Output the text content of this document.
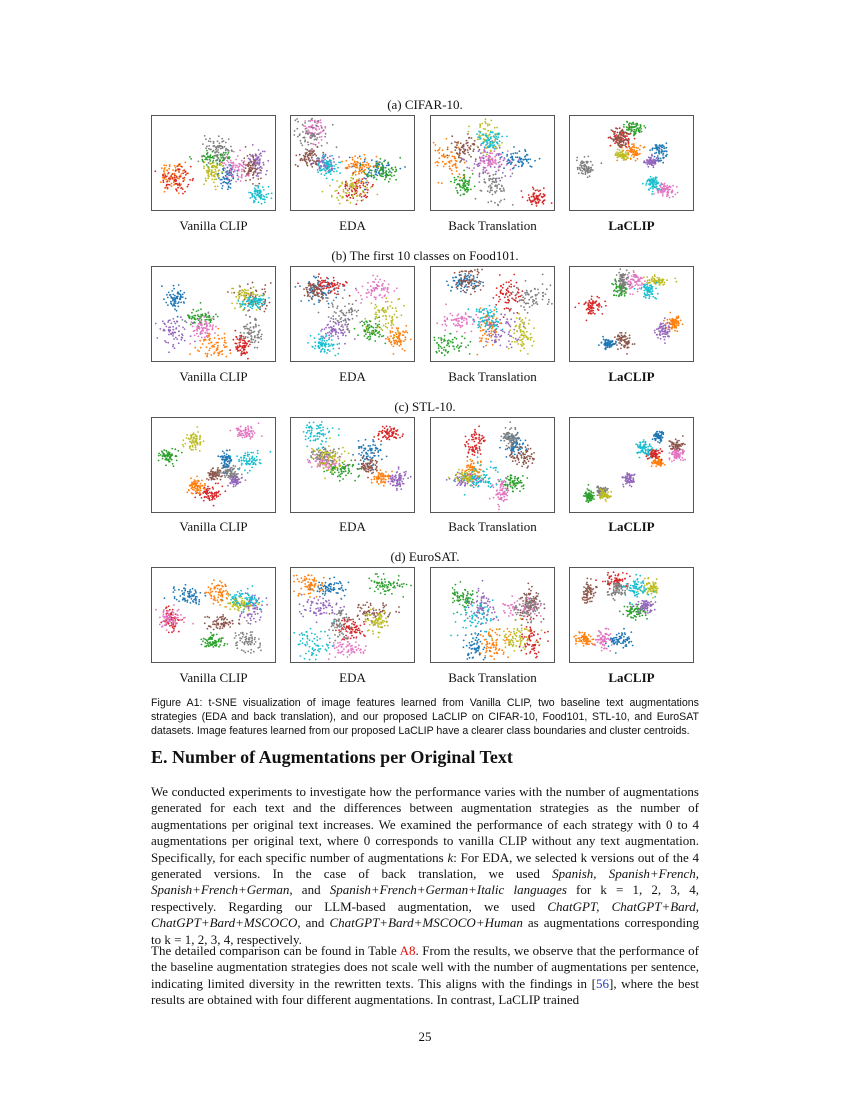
(a) CIFAR-10.
Vanilla CLIP	EDA	Back Translation	LaCLIP
(b) The first 10 classes on Food101.
Vanilla CLIP	EDA	Back Translation	LaCLIP
(c) STL-10.
Vanilla CLIP	EDA	Back Translation	LaCLIP
(d) EuroSAT.
Vanilla CLIP	EDA	Back Translation	LaCLIP
Figure A1: t-SNE visualization of image features learned from Vanilla CLIP, two baseline text augmentations strategies (EDA and back translation), and our proposed LaCLIP on CIFAR-10, Food101, STL-10, and EuroSAT datasets. Image features learned from our proposed LaCLIP have a clearer class boundaries and cluster centroids.
E. Number of Augmentations per Original Text

We conducted experiments to investigate how the performance varies with the number of augmentations generated for each text and the differences between augmentation strategies as the number of augmentations per original text increases. We examined the performance of each strategy with 0 to 4 augmentations per original text, where 0 corresponds to vanilla CLIP without any text augmentation. Specifically, for each specific number of augmentations k: For EDA, we selected k versions out of the 4 generated versions. In the case of back translation, we used Spanish, Spanish+French, Spanish+French+German, and Spanish+French+German+Italic languages for k = 1, 2, 3, 4, respectively. Regarding our LLM-based augmentation, we used ChatGPT, ChatGPT+Bard, ChatGPT+Bard+MSCOCO, and ChatGPT+Bard+MSCOCO+Human as augmentations corresponding to k = 1, 2, 3, 4, respectively.

The detailed comparison can be found in Table A8. From the results, we observe that the performance of the baseline augmentation strategies does not scale well with the number of augmentations per sentence, indicating limited diversity in the rewritten texts. This aligns with the findings in [56], where the best results are obtained with four different augmentations. In contrast, LaCLIP trained

25
